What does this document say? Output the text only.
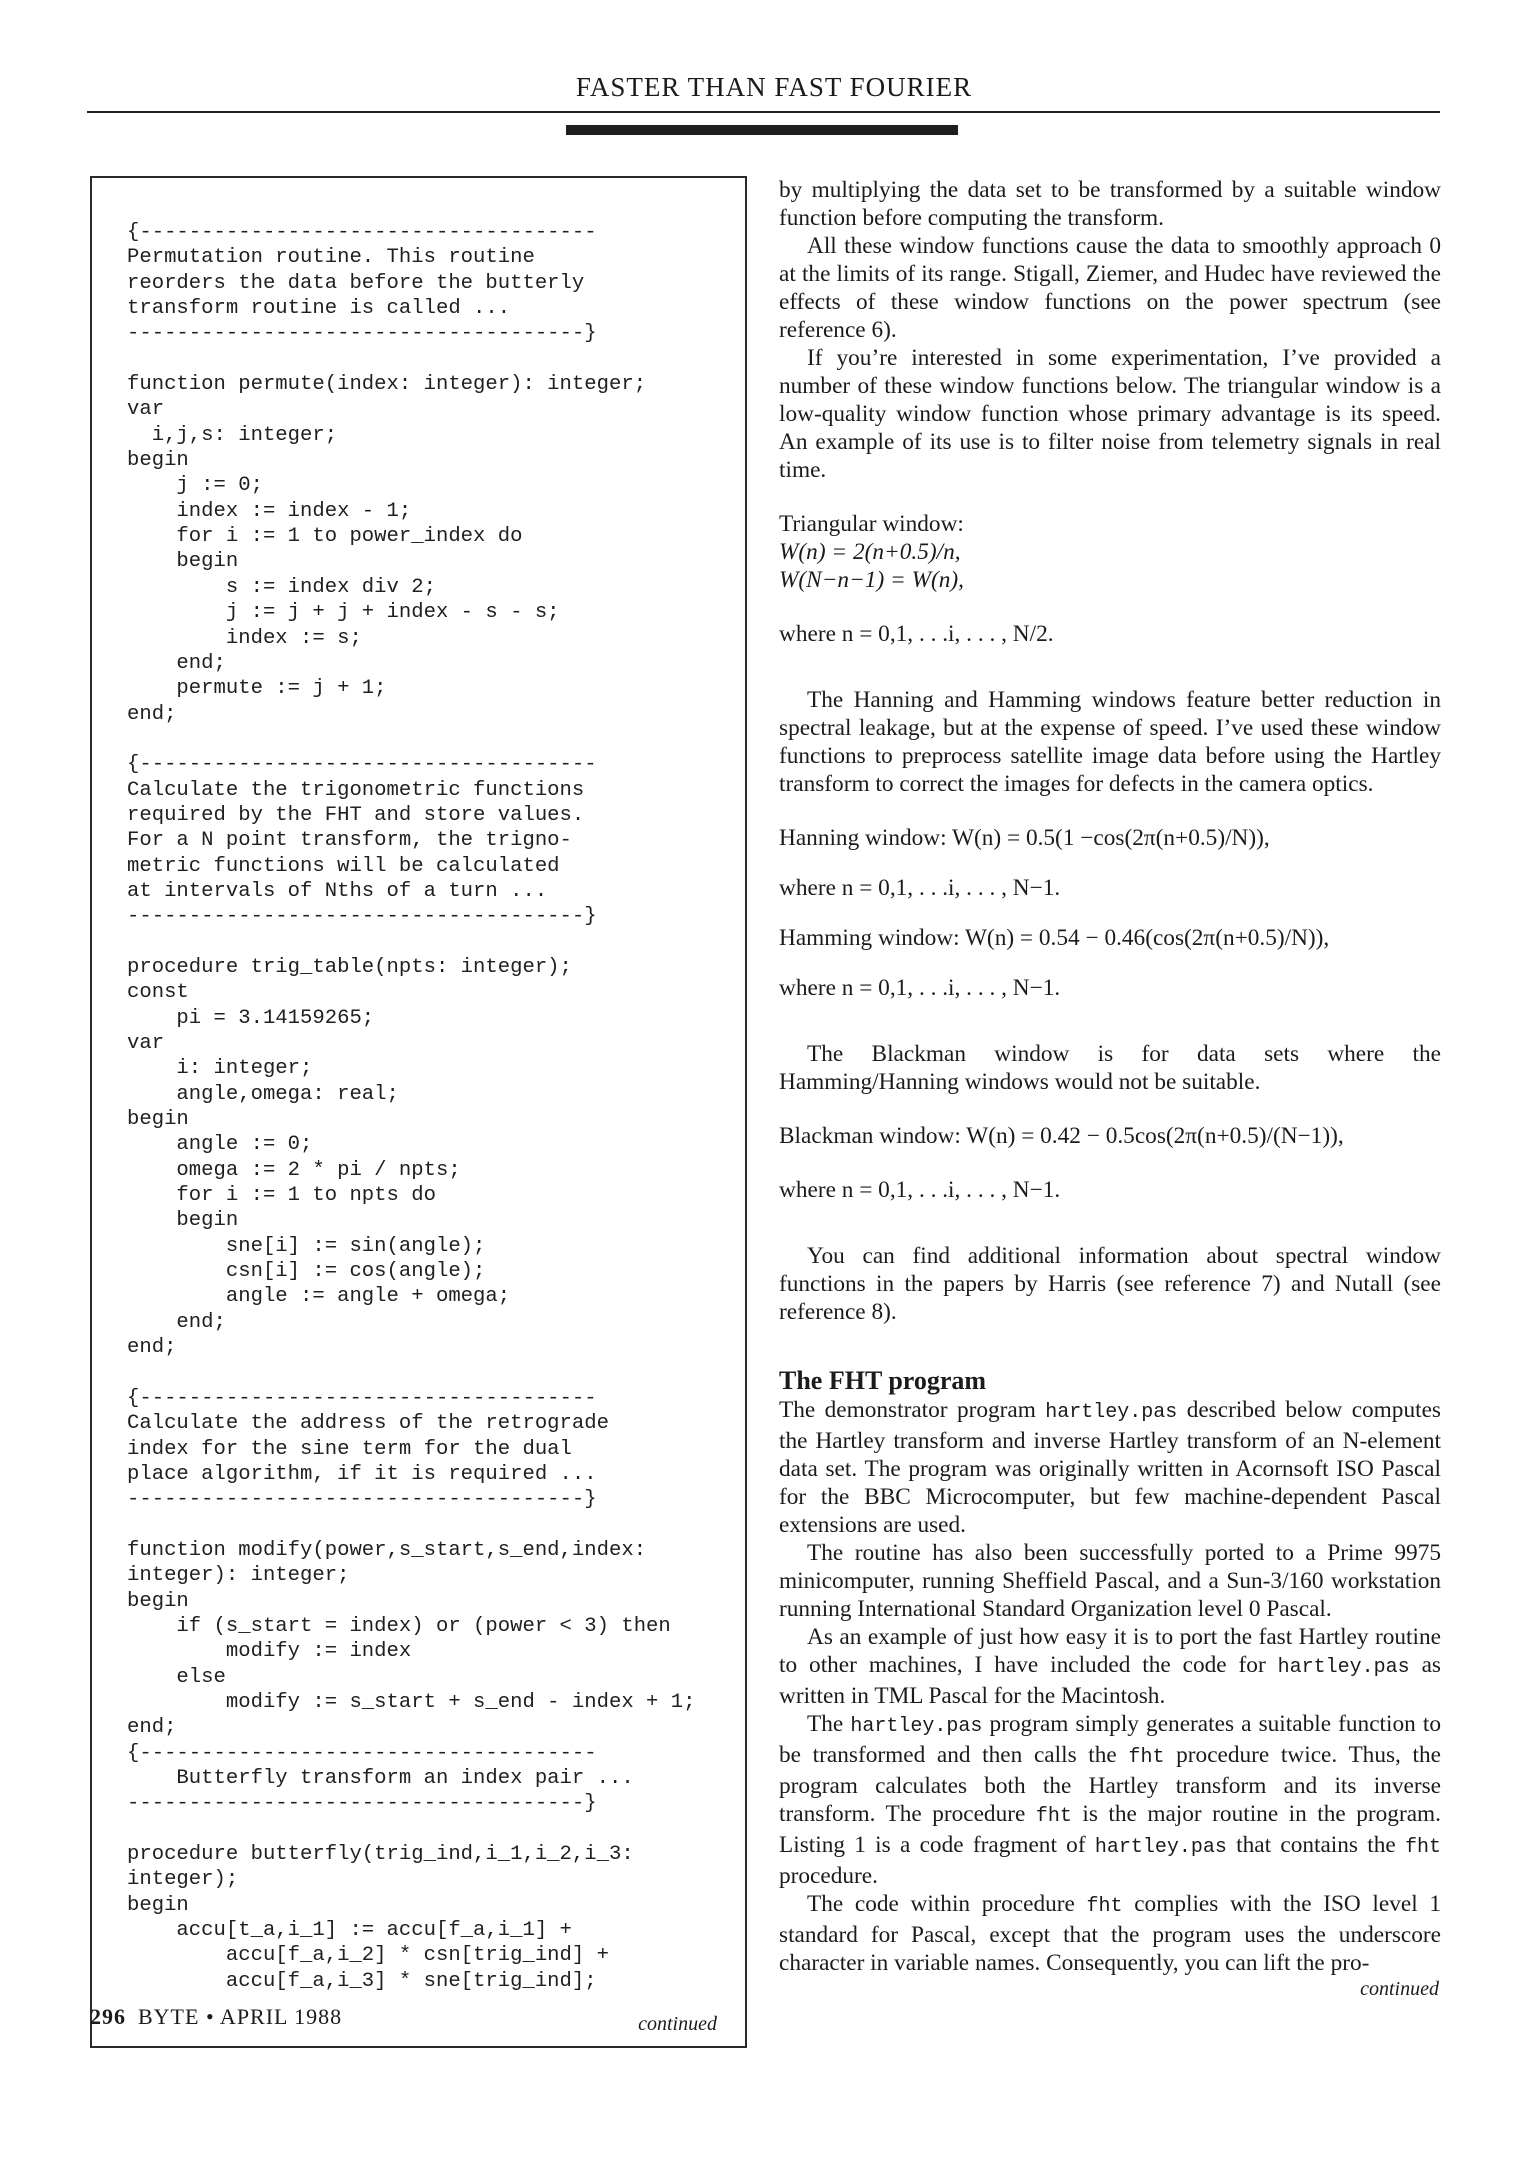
FASTER THAN FAST FOURIER
{-------------------------------------
Permutation routine. This routine
reorders the data before the butterly
transform routine is called ...
-------------------------------------}

function permute(index: integer): integer;
var
i,j,s: integer;
begin
j := 0;
index := index - 1;
for i := 1 to power_index do
begin
s := index div 2;
j := j + j + index - s - s;
index := s;
end;
permute := j + 1;
end;

{-------------------------------------
Calculate the trigonometric functions
required by the FHT and store values.
For a N point transform, the trigno-
metric functions will be calculated
at intervals of Nths of a turn ...
-------------------------------------}

procedure trig_table(npts: integer);
const
pi = 3.14159265;
var
i: integer;
angle,omega: real;
begin
angle := 0;
omega := 2 * pi / npts;
for i := 1 to npts do
begin
sne[i] := sin(angle);
csn[i] := cos(angle);
angle := angle + omega;
end;
end;

{-------------------------------------
Calculate the address of the retrograde
index for the sine term for the dual
place algorithm, if it is required ...
-------------------------------------}

function modify(power,s_start,s_end,index:
integer): integer;
begin
if (s_start = index) or (power < 3) then
modify := index
else
modify := s_start + s_end - index + 1;
end;
{-------------------------------------
Butterfly transform an index pair ...
-------------------------------------}

procedure butterfly(trig_ind,i_1,i_2,i_3:
integer);
begin
accu[t_a,i_1] := accu[f_a,i_1] +
accu[f_a,i_2] * csn[trig_ind] +
accu[f_a,i_3] * sne[trig_ind];
continued

by multiplying the data set to be transformed by a suitable window function before computing the transform.

All these window functions cause the data to smoothly approach 0 at the limits of its range. Stigall, Ziemer, and Hudec have reviewed the effects of these window functions on the power spectrum (see reference 6).

If you’re interested in some experimentation, I’ve provided a number of these window functions below. The triangular window is a low-quality window function whose primary advantage is its speed. An example of its use is to filter noise from telemetry signals in real time.

Triangular window:

W(n) = 2(n+0.5)/n,

W(N−n−1) = W(n),

where n = 0,1, . . .i, . . . , N/2.

The Hanning and Hamming windows feature better reduction in spectral leakage, but at the expense of speed. I’ve used these window functions to preprocess satellite image data before using the Hartley transform to correct the images for defects in the camera optics.

Hanning window: W(n) = 0.5(1 −cos(2π(n+0.5)/N)),

where n = 0,1, . . .i, . . . , N−1.

Hamming window: W(n) = 0.54 − 0.46(cos(2π(n+0.5)/N)),

where n = 0,1, . . .i, . . . , N−1.

The Blackman window is for data sets where the Hamming/Hanning windows would not be suitable.

Blackman window: W(n) = 0.42 − 0.5cos(2π(n+0.5)/(N−1)),

where n = 0,1, . . .i, . . . , N−1.

You can find additional information about spectral window functions in the papers by Harris (see reference 7) and Nutall (see reference 8).

The FHT program

The demonstrator program hartley.pas described below computes the Hartley transform and inverse Hartley transform of an N-element data set. The program was originally written in Acornsoft ISO Pascal for the BBC Microcomputer, but few machine-dependent Pascal extensions are used.

The routine has also been successfully ported to a Prime 9975 minicomputer, running Sheffield Pascal, and a Sun-3/160 workstation running International Standard Organization level 0 Pascal.

As an example of just how easy it is to port the fast Hartley routine to other machines, I have included the code for hartley.pas as written in TML Pascal for the Macintosh.

The hartley.pas program simply generates a suitable function to be transformed and then calls the fht procedure twice. Thus, the program calculates both the Hartley transform and its inverse transform. The procedure fht is the major routine in the program. Listing 1 is a code fragment of hartley.pas that contains the fht procedure.

The code within procedure fht complies with the ISO level 1 standard for Pascal, except that the program uses the underscore character in variable names. Consequently, you can lift the pro-

continued
296 BYTE • APRIL 1988
